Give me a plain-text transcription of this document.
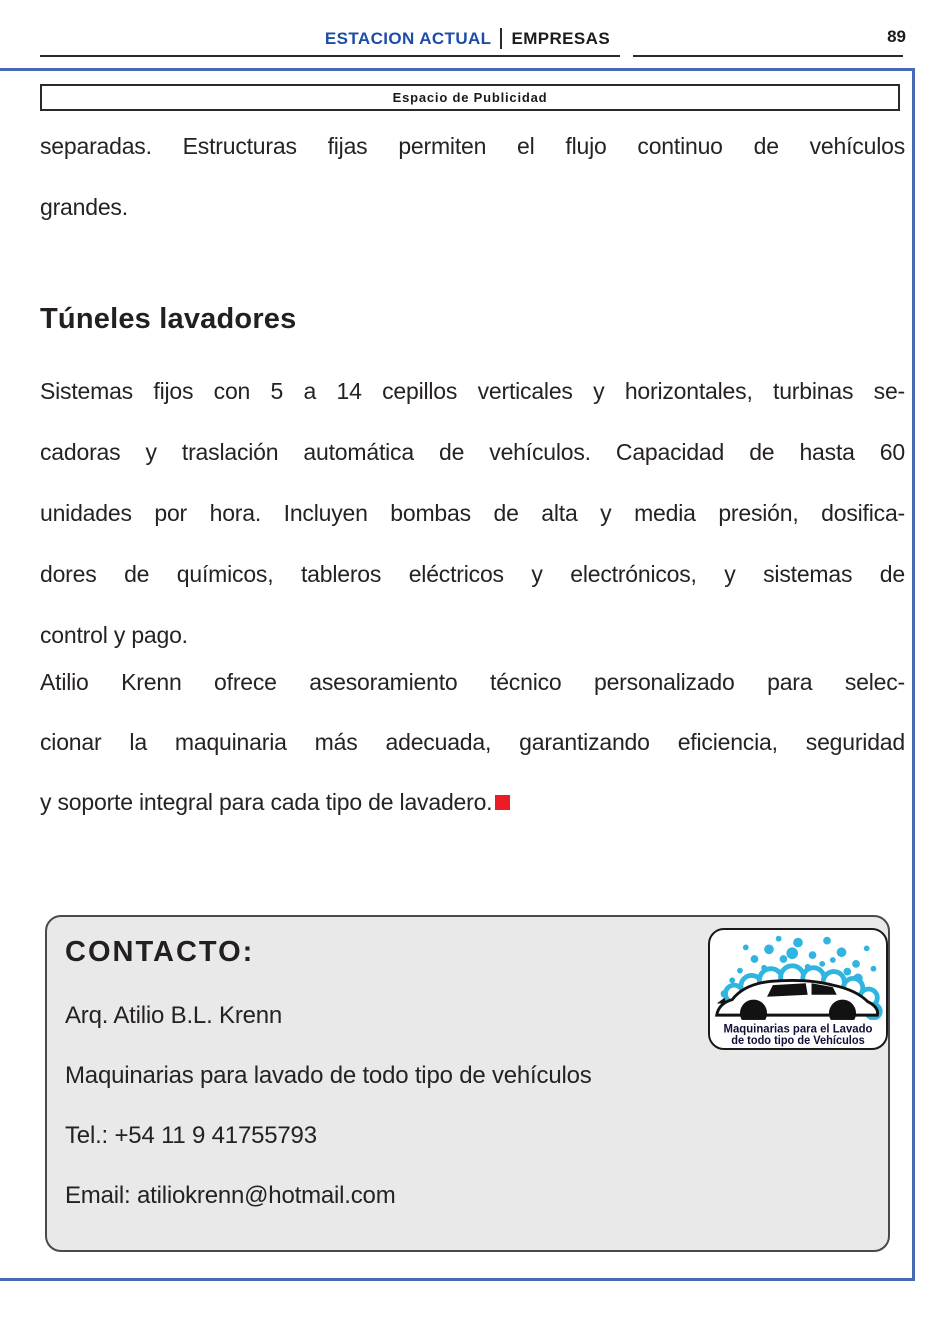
ESTACION ACTUAL EMPRESAS	89
Espacio de Publicidad
separadas. Estructuras fijas permiten el flujo continuo de vehículos
grandes.
Túneles lavadores
Sistemas fijos con 5 a 14 cepillos verticales y horizontales, turbinas se-
cadoras y traslación automática de vehículos. Capacidad de hasta 60
unidades por hora. Incluyen bombas de alta y media presión, dosifica-
dores de químicos, tableros eléctricos y electrónicos, y sistemas de
control y pago.
Atilio Krenn ofrece asesoramiento técnico personalizado para selec-
cionar la maquinaria más adecuada, garantizando eficiencia, seguridad
y soporte integral para cada tipo de lavadero.
CONTACTO:
Arq. Atilio B.L. Krenn
Maquinarias para lavado de todo tipo de vehículos
Tel.: +54 11 9 41755793
Email: atiliokrenn@hotmail.com
Maquinarias para el Lavado
de todo tipo de Vehículos
